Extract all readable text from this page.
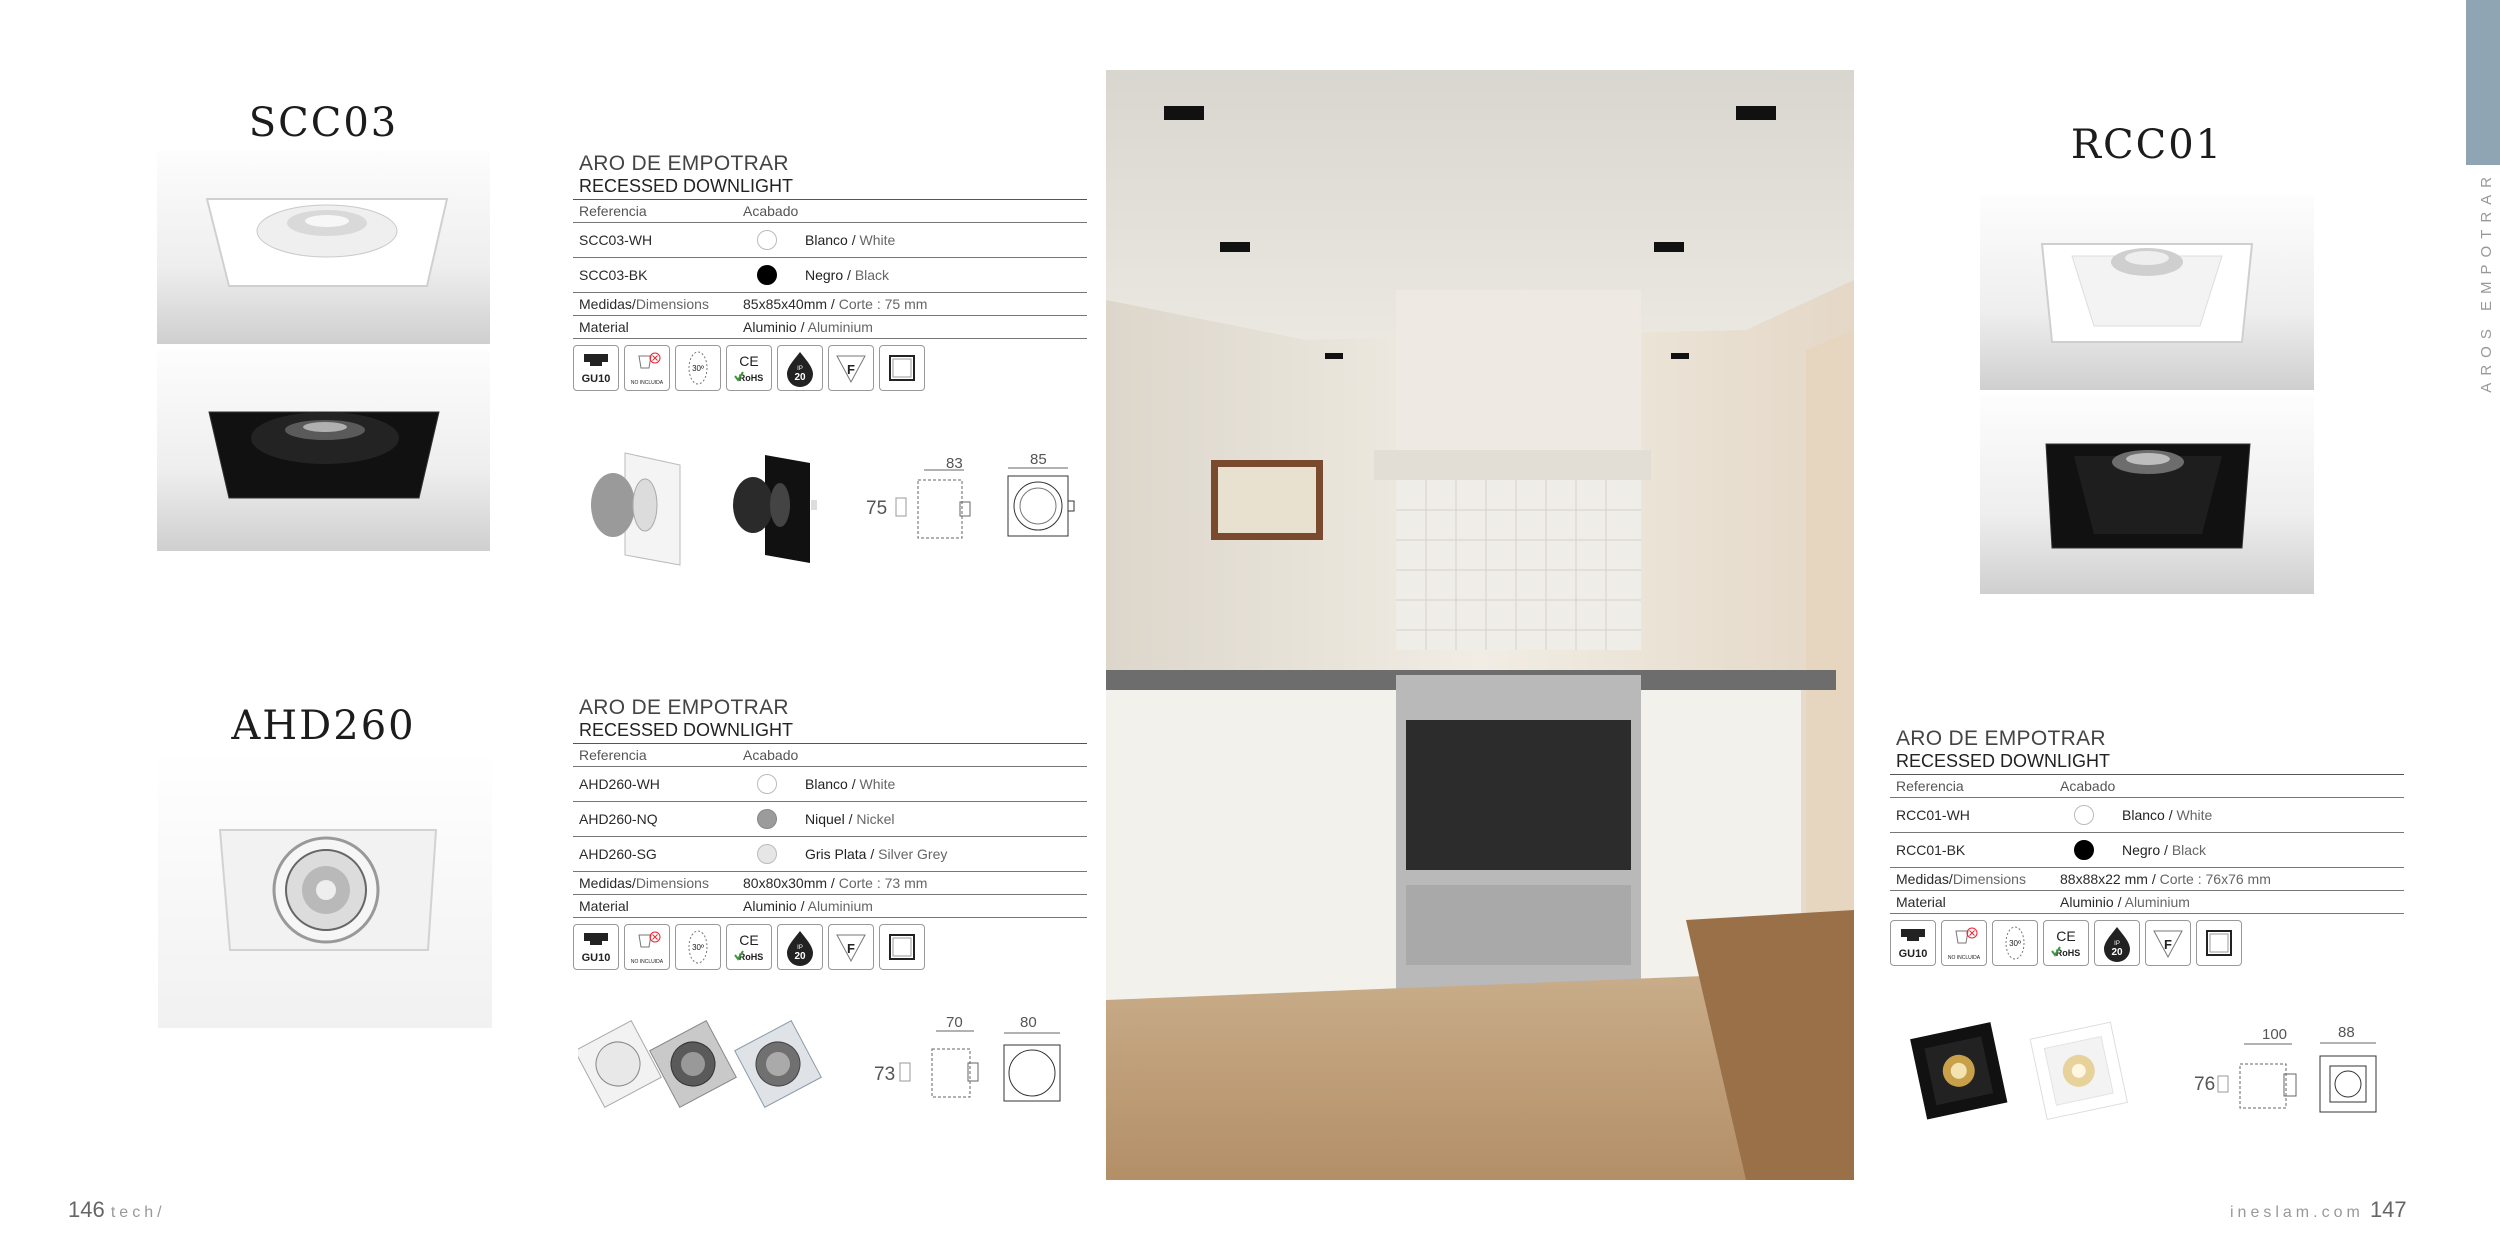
SCC03
ARO DE EMPOTRAR
RECESSED DOWNLIGHT
Referencia	Acabado
SCC03-WH	Blanco / White
SCC03-BK	Negro / Black
Medidas/Dimensions	85x85x40mm / Corte : 75 mm
Material	Aluminio / Aluminium
GU10	NO INCLUIDA
30º	CE
RoHS
IP
20
F
75
83	85
AHD260	ARO DE EMPOTRAR
RECESSED DOWNLIGHT
Referencia	Acabado
AHD260-WH	Blanco / White
AHD260-NQ	Niquel / Nickel
AHD260-SG	Gris Plata / Silver Grey
Medidas/Dimensions	80x80x30mm / Corte : 73 mm
Material	Aluminio / Aluminium
GU10	NO INCLUIDA
30º	CE
RoHS
IP
20
F
73
70	80
146 tech/
AROS EMPOTRAR
RCC01
ARO DE EMPOTRAR
RECESSED DOWNLIGHT
Referencia	Acabado
RCC01-WH	Blanco / White
RCC01-BK	Negro / Black
Medidas/Dimensions	88x88x22 mm / Corte : 76x76 mm
Material	Aluminio / Aluminium
GU10	NO INCLUIDA
30º	CE
RoHS
IP
20
F
76
100	88
ineslam.com 147
